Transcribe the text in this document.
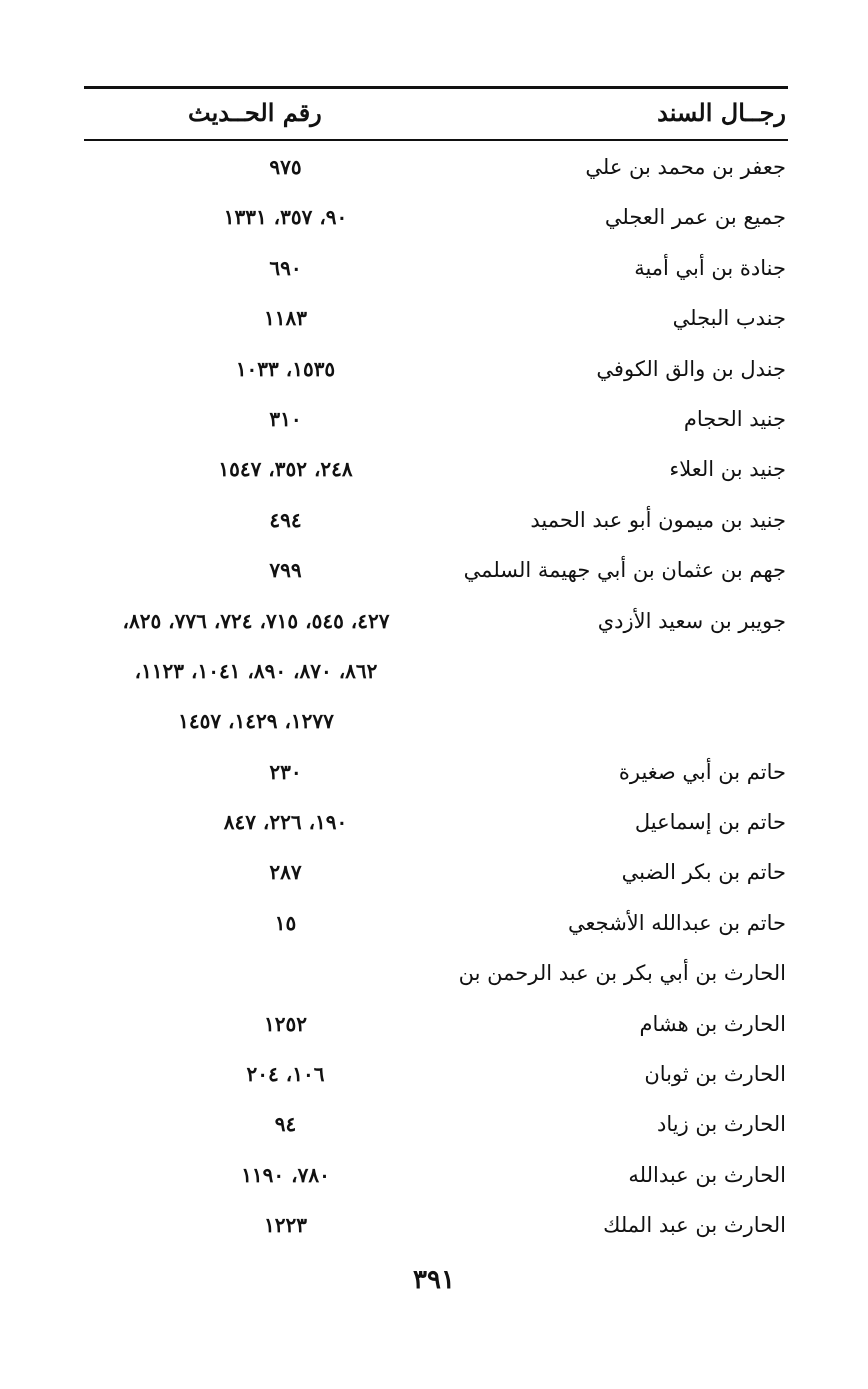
رجــال السند
رقم الحــديث
جعفر بن محمد بن علي
٩٧٥
جميع بن عمر العجلي
٩٠، ٣٥٧، ١٣٣١
جنادة بن أبي أمية
٦٩٠
جندب البجلي
١١٨٣
جندل بن والق الكوفي
١٥٣٥، ١٠٣٣
جنيد الحجام
٣١٠
جنيد بن العلاء
٢٤٨، ٣٥٢، ١٥٤٧
جنيد بن ميمون أبو عبد الحميد
٤٩٤
جهم بن عثمان بن أبي جهيمة السلمي
٧٩٩
جويبر بن سعيد الأزدي
٤٢٧، ٥٤٥، ٧١٥، ٧٢٤، ٧٧٦، ٨٢٥،
٨٦٢، ٨٧٠، ٨٩٠، ١٠٤١، ١١٢٣،
١٢٧٧، ١٤٢٩، ١٤٥٧
حاتم بن أبي صغيرة
٢٣٠
حاتم بن إسماعيل
١٩٠، ٢٢٦، ٨٤٧
حاتم بن بكر الضبي
٢٨٧
حاتم بن عبدالله الأشجعي
١٥
الحارث بن أبي بكر بن عبد الرحمن بن
الحارث بن هشام
١٢٥٢
الحارث بن ثوبان
١٠٦، ٢٠٤
الحارث بن زياد
٩٤
الحارث بن عبدالله
٧٨٠، ١١٩٠
الحارث بن عبد الملك
١٢٢٣
٣٩١
